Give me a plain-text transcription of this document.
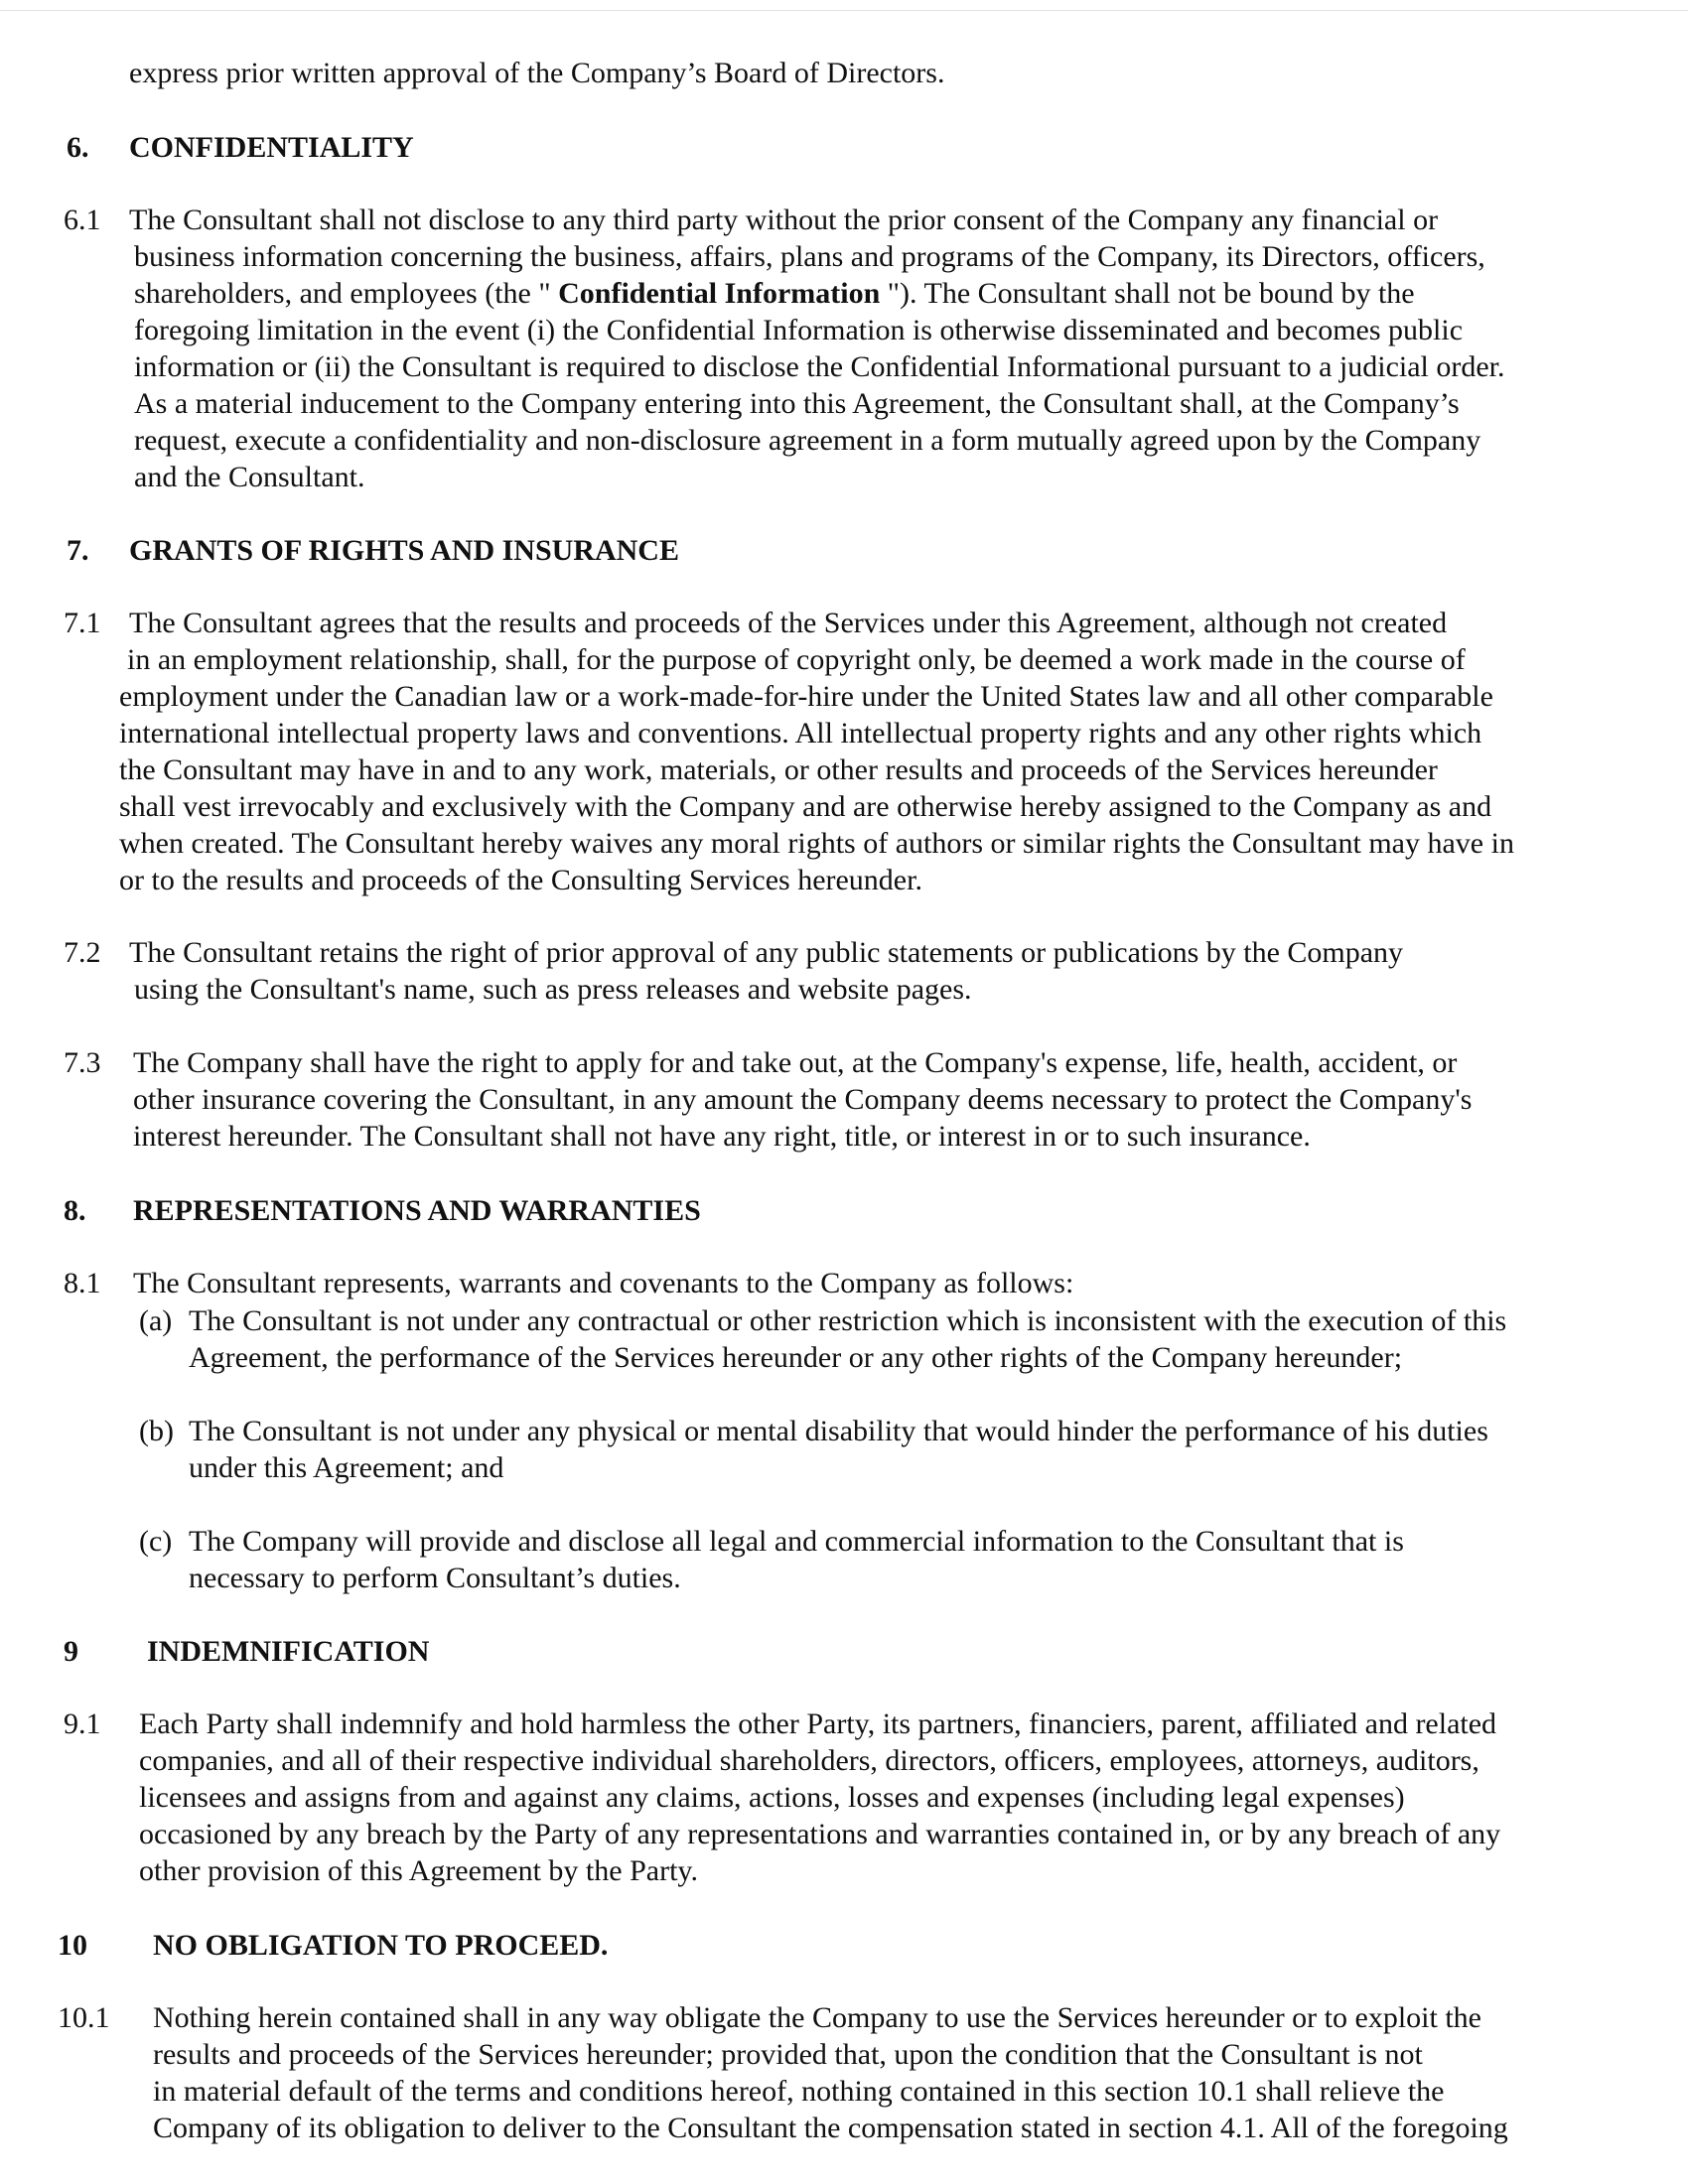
express prior written approval of the Company’s Board of Directors.

6. CONFIDENTIALITY
6.1 The Consultant shall not disclose to any third party without the prior consent of the Company any financial or
business information concerning the business, affairs, plans and programs of the Company, its Directors, officers,
shareholders, and employees (the " Confidential Information "). The Consultant shall not be bound by the
foregoing limitation in the event (i) the Confidential Information is otherwise disseminated and becomes public
information or (ii) the Consultant is required to disclose the Confidential Informational pursuant to a judicial order.
As a material inducement to the Company entering into this Agreement, the Consultant shall, at the Company’s
request, execute a confidentiality and non-disclosure agreement in a form mutually agreed upon by the Company
and the Consultant.
7. GRANTS OF RIGHTS AND INSURANCE
7.1 The Consultant agrees that the results and proceeds of the Services under this Agreement, although not created
in an employment relationship, shall, for the purpose of copyright only, be deemed a work made in the course of
employment under the Canadian law or a work-made-for-hire under the United States law and all other comparable
international intellectual property laws and conventions. All intellectual property rights and any other rights which
the Consultant may have in and to any work, materials, or other results and proceeds of the Services hereunder
shall vest irrevocably and exclusively with the Company and are otherwise hereby assigned to the Company as and
when created. The Consultant hereby waives any moral rights of authors or similar rights the Consultant may have in
or to the results and proceeds of the Consulting Services hereunder.
7.2 The Consultant retains the right of prior approval of any public statements or publications by the Company
using the Consultant's name, such as press releases and website pages.
7.3 The Company shall have the right to apply for and take out, at the Company's expense, life, health, accident, or
other insurance covering the Consultant, in any amount the Company deems necessary to protect the Company's
interest hereunder. The Consultant shall not have any right, title, or interest in or to such insurance.
8. REPRESENTATIONS AND WARRANTIES
8.1 The Consultant represents, warrants and covenants to the Company as follows:

(a) The Consultant is not under any contractual or other restriction which is inconsistent with the execution of this
Agreement, the performance of the Services hereunder or any other rights of the Company hereunder;
(b) The Consultant is not under any physical or mental disability that would hinder the performance of his duties
under this Agreement; and
(c) The Company will provide and disclose all legal and commercial information to the Consultant that is
necessary to perform Consultant’s duties.
9 INDEMNIFICATION
9.1 Each Party shall indemnify and hold harmless the other Party, its partners, financiers, parent, affiliated and related
companies, and all of their respective individual shareholders, directors, officers, employees, attorneys, auditors,
licensees and assigns from and against any claims, actions, losses and expenses (including legal expenses)
occasioned by any breach by the Party of any representations and warranties contained in, or by any breach of any
other provision of this Agreement by the Party.
10 NO OBLIGATION TO PROCEED.
10.1 Nothing herein contained shall in any way obligate the Company to use the Services hereunder or to exploit the
results and proceeds of the Services hereunder; provided that, upon the condition that the Consultant is not
in material default of the terms and conditions hereof, nothing contained in this section 10.1 shall relieve the
Company of its obligation to deliver to the Consultant the compensation stated in section 4.1. All of the foregoing
